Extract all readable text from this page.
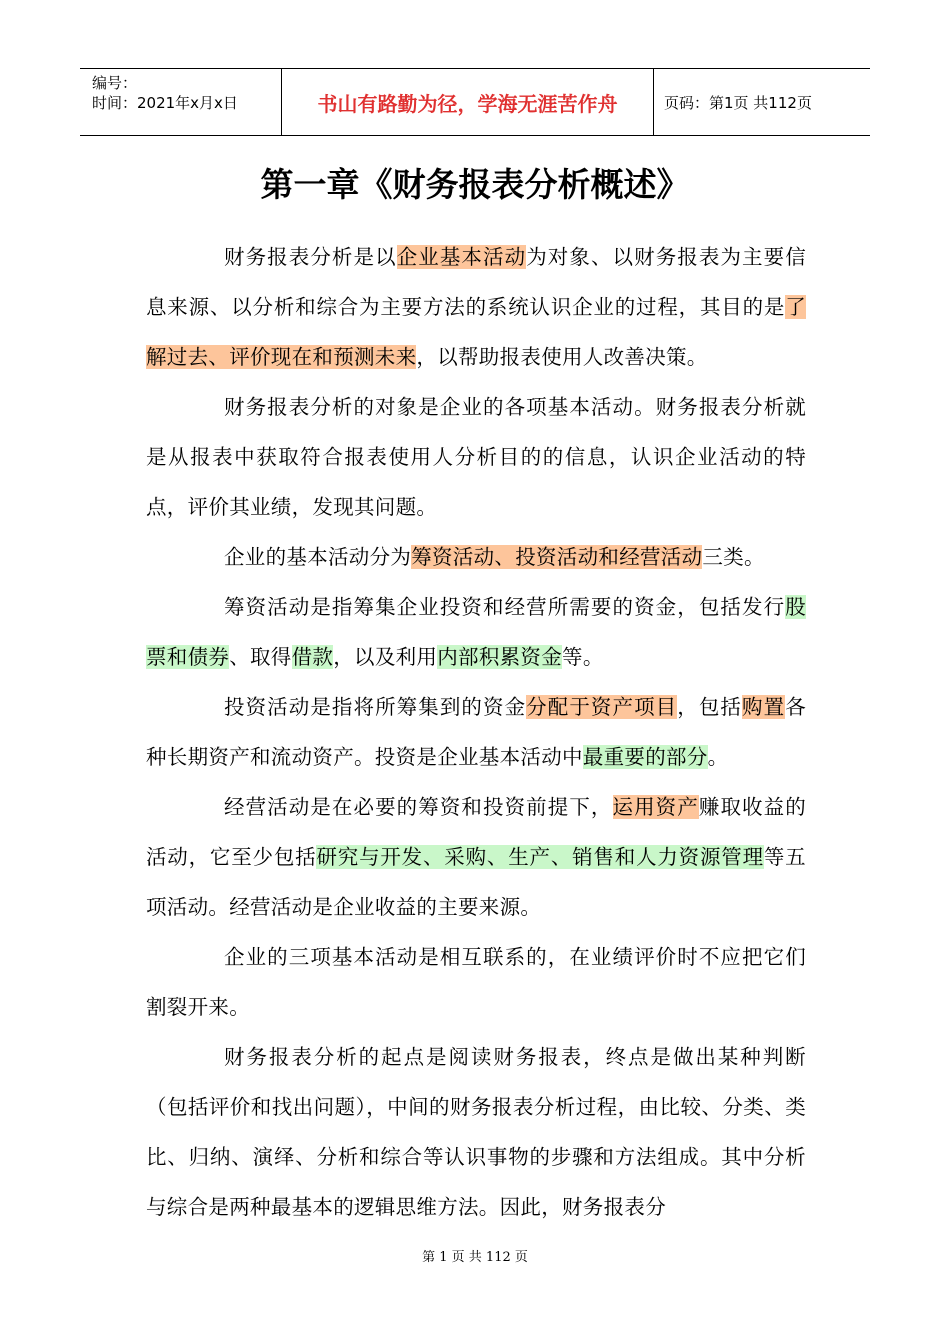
编号：
时间：2021年x月x日	书山有路勤为径，学海无涯苦作舟	页码：第1页 共112页
第一章《财务报表分析概述》

财务报表分析是以企业基本活动为对象、以财务报表为主要信息来源、以分析和综合为主要方法的系统认识企业的过程，其目的是了解过去、评价现在和预测未来，以帮助报表使用人改善决策。

财务报表分析的对象是企业的各项基本活动。财务报表分析就是从报表中获取符合报表使用人分析目的的信息，认识企业活动的特点，评价其业绩，发现其问题。

企业的基本活动分为筹资活动、投资活动和经营活动三类。

筹资活动是指筹集企业投资和经营所需要的资金，包括发行股票和债券、取得借款，以及利用内部积累资金等。

投资活动是指将所筹集到的资金分配于资产项目，包括购置各种长期资产和流动资产。投资是企业基本活动中最重要的部分。

经营活动是在必要的筹资和投资前提下，运用资产赚取收益的活动，它至少包括研究与开发、采购、生产、销售和人力资源管理等五项活动。经营活动是企业收益的主要来源。

企业的三项基本活动是相互联系的，在业绩评价时不应把它们割裂开来。

财务报表分析的起点是阅读财务报表，终点是做出某种判断（包括评价和找出问题），中间的财务报表分析过程，由比较、分类、类比、归纳、演绎、分析和综合等认识事物的步骤和方法组成。其中分析与综合是两种最基本的逻辑思维方法。因此，财务报表分

第 1 页 共 112 页
